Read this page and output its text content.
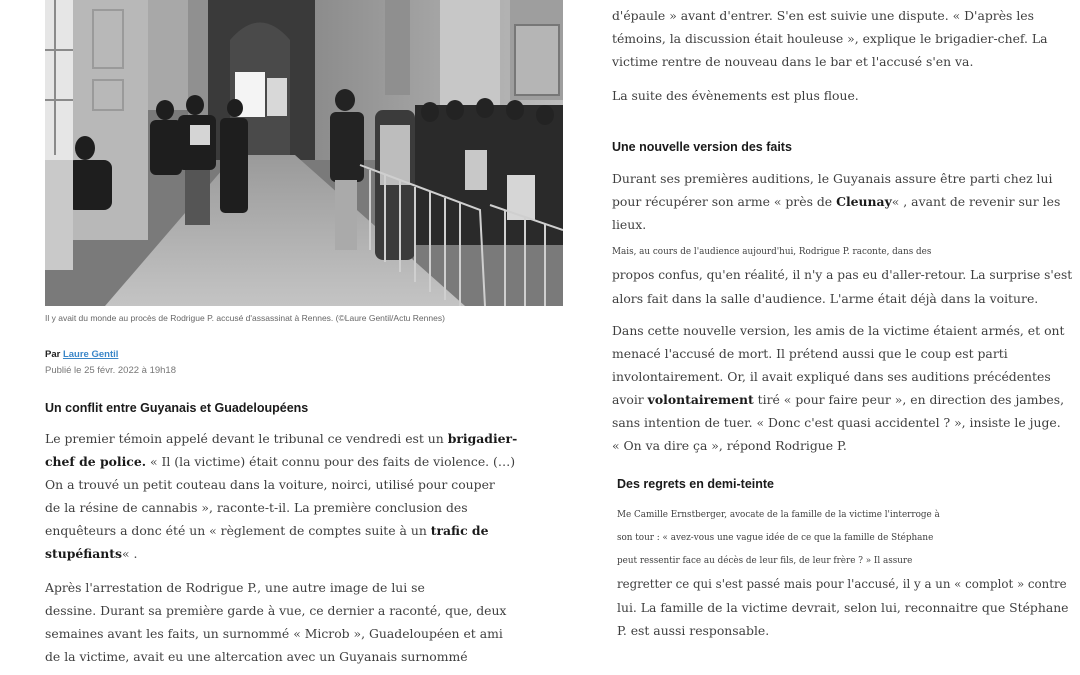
Il y avait du monde au procès de Rodrigue P. accusé d'assassinat à Rennes. (©Laure Gentil/Actu Rennes)
Par Laure Gentil
Publié le 25 févr. 2022 à 19h18
Un conflit entre Guyanais et Guadeloupéens
Le premier témoin appelé devant le tribunal ce vendredi est un brigadier-
chef de police. « Il (la victime) était connu pour des faits de violence. (…)
On a trouvé un petit couteau dans la voiture, noirci, utilisé pour couper
de la résine de cannabis », raconte-t-il. La première conclusion des
enquêteurs a donc été un « règlement de comptes suite à un trafic de
stupéfiants« .
Après l'arrestation de Rodrigue P., une autre image de lui se
dessine. Durant sa première garde à vue, ce dernier a raconté, que, deux
semaines avant les faits, un surnommé « Microb », Guadeloupéen et ami
de la victime, avait eu une altercation avec un Guyanais surnommé
d'épaule » avant d'entrer. S'en est suivie une dispute. « D'après les
témoins, la discussion était houleuse », explique le brigadier-chef. La
victime rentre de nouveau dans le bar et l'accusé s'en va.
La suite des évènements est plus floue.
Une nouvelle version des faits
Durant ses premières auditions, le Guyanais assure être parti chez lui
pour récupérer son arme « près de Cleunay« , avant de revenir sur les
lieux.
Mais, au cours de l'audience aujourd'hui, Rodrigue P. raconte, dans des
propos confus, qu'en réalité, il n'y a pas eu d'aller-retour. La surprise s'est
alors fait dans la salle d'audience. L'arme était déjà dans la voiture.
Dans cette nouvelle version, les amis de la victime étaient armés, et ont
menacé l'accusé de mort. Il prétend aussi que le coup est parti
involontairement. Or, il avait expliqué dans ses auditions précédentes
avoir volontairement tiré « pour faire peur », en direction des jambes,
sans intention de tuer. « Donc c'est quasi accidentel ? », insiste le juge.
« On va dire ça », répond Rodrigue P.
Des regrets en demi-teinte
Me Camille Ernstberger, avocate de la famille de la victime l'interroge à
son tour : « avez-vous une vague idée de ce que la famille de Stéphane
peut ressentir face au décès de leur fils, de leur frère ? » Il assure
regretter ce qui s'est passé mais pour l'accusé, il y a un « complot » contre
lui. La famille de la victime devrait, selon lui, reconnaitre que Stéphane
P. est aussi responsable.
